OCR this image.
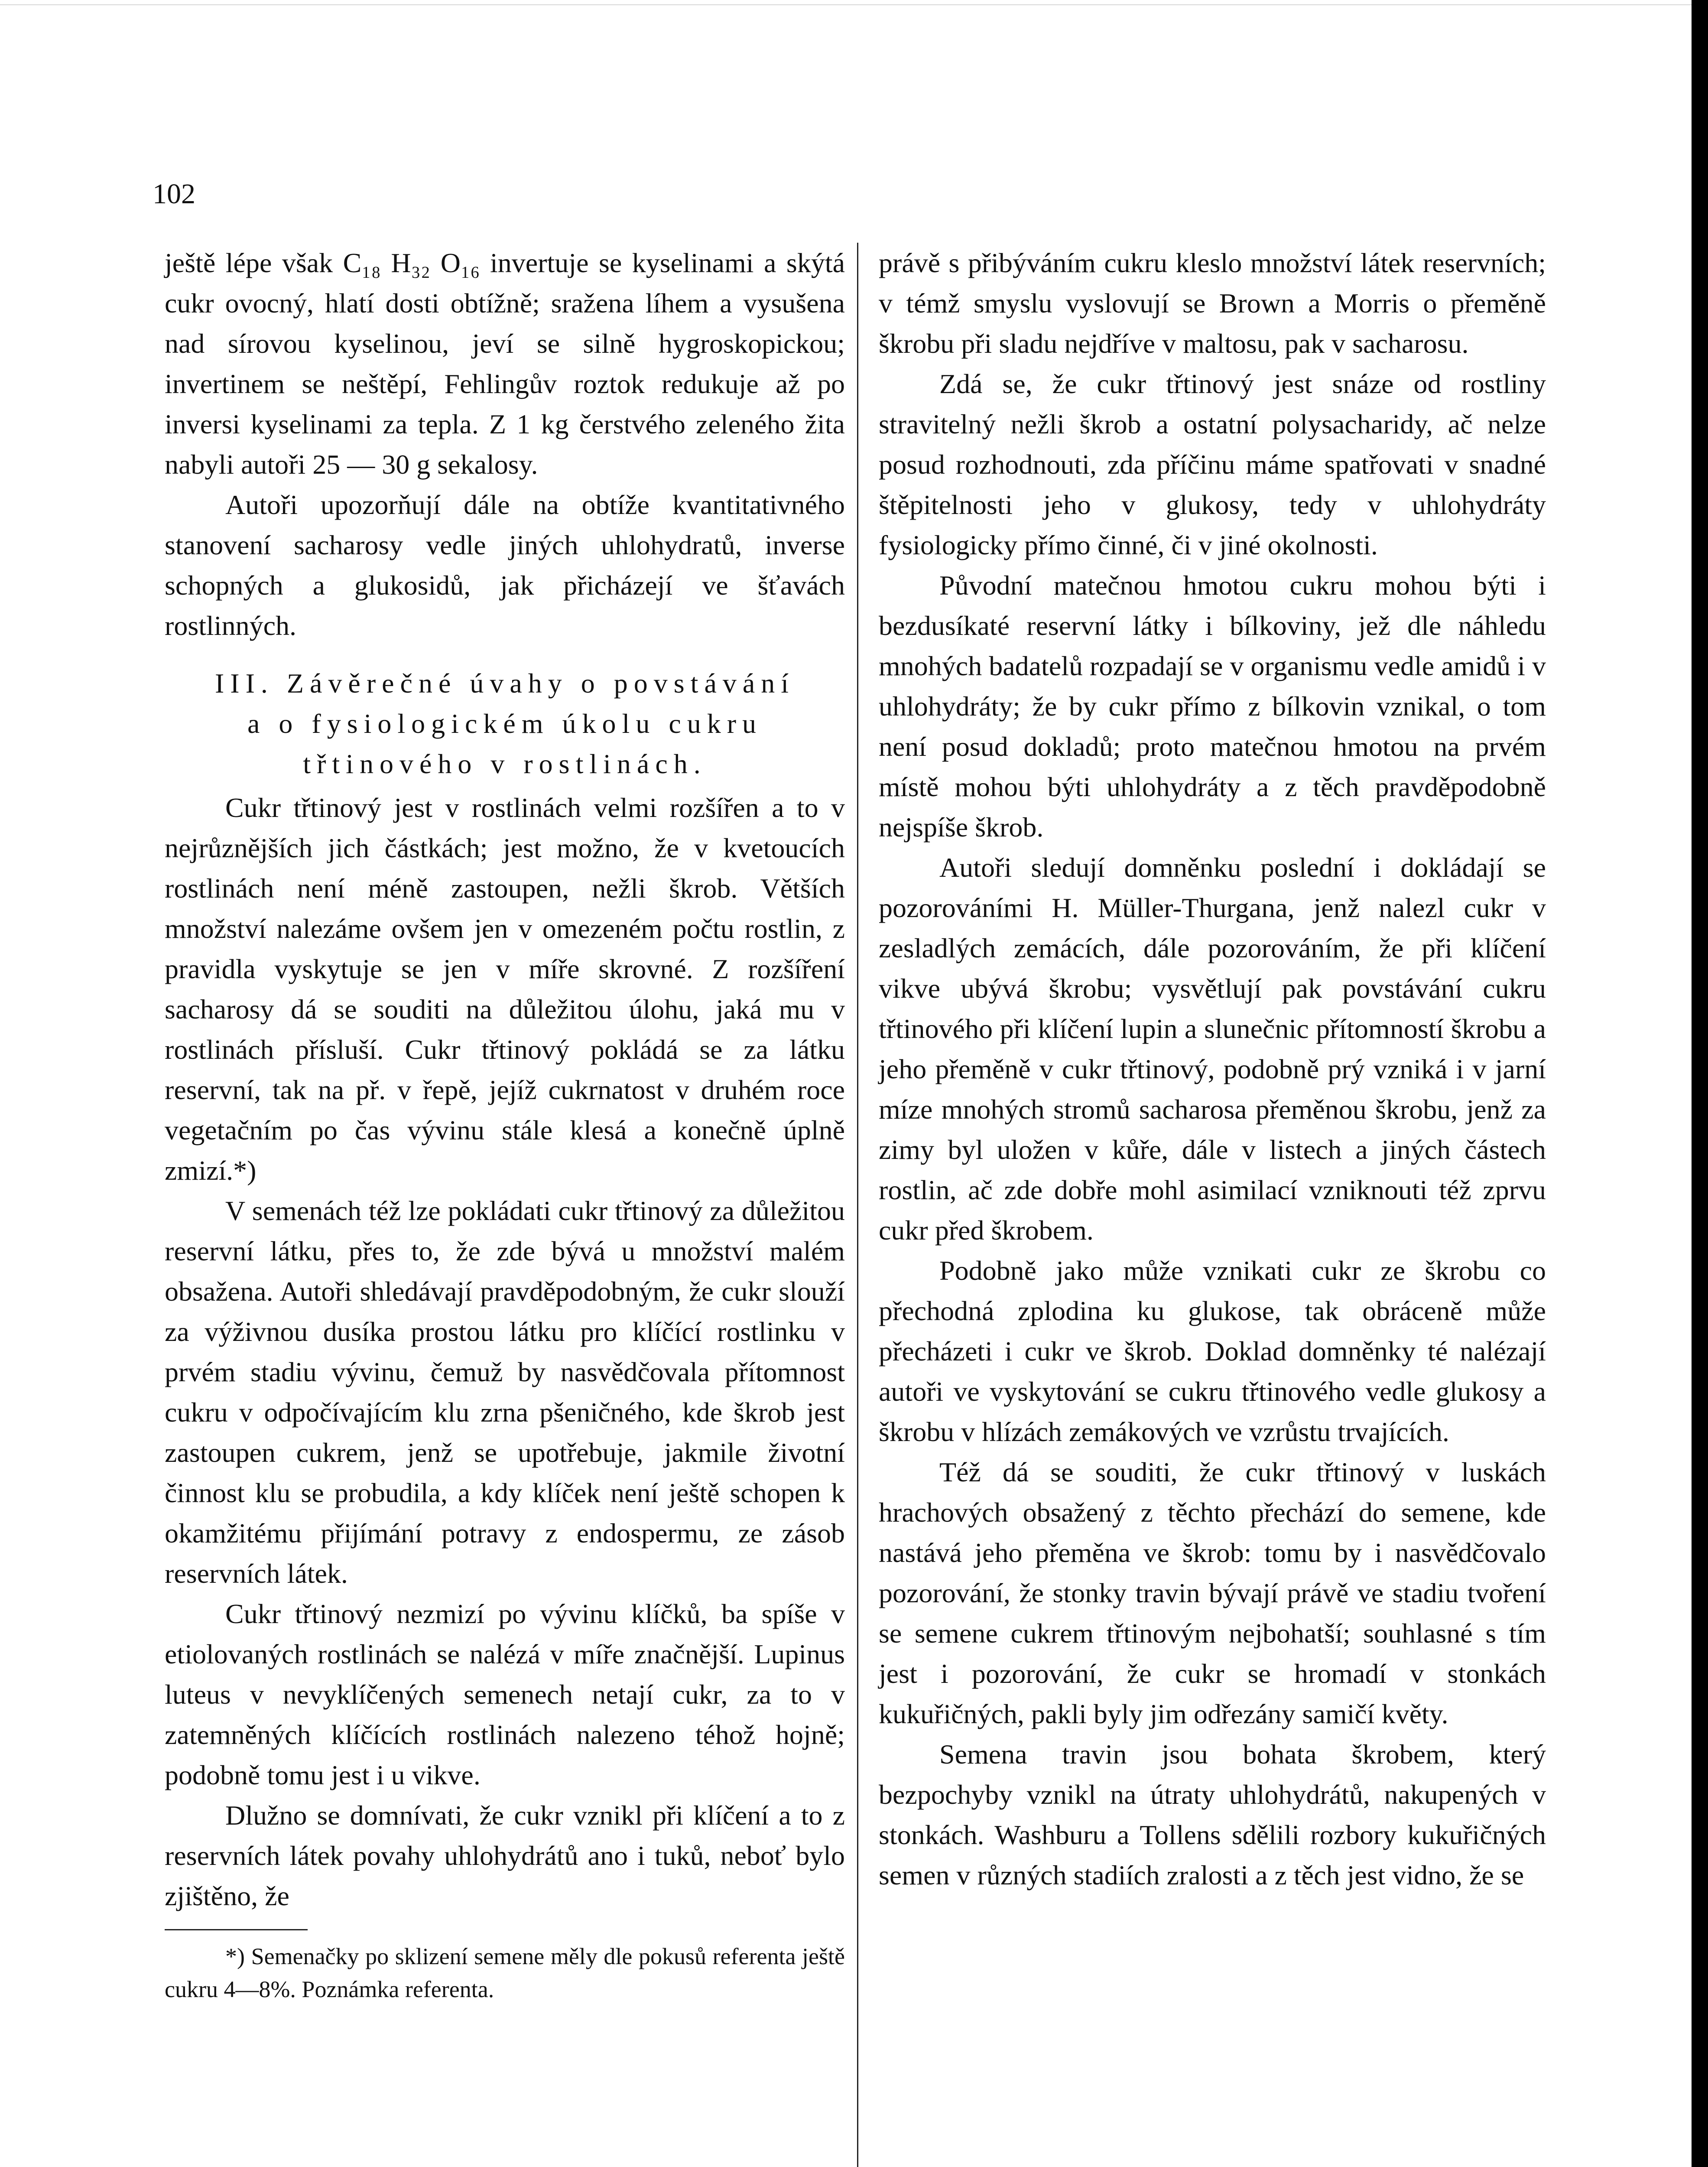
102

ještě lépe však C₁₈ H₃₂ O₁₆ invertuje se kyselinami a skýtá cukr ovocný, hlatí dosti obtížně; sražena líhem a vysušena nad sírovou kyselinou, jeví se silně hygroskopickou; invertinem se neštěpí, Fehlingův roztok redukuje až po inversi kyselinami za tepla. Z 1 kg čerstvého zeleného žita nabyli autoři 25 — 30 g sekalosy.

Autoři upozorňují dále na obtíže kvantitativného stanovení sacharosy vedle jiných uhlohydratů, inverse schopných a glukosidů, jak přicházejí ve šťavách rostlinných.

III. Závěrečné úvahy o povstávání
a o fysiologickém úkolu cukru
třtinového v rostlinách.

Cukr třtinový jest v rostlinách velmi rozšířen a to v nejrůznějších jich částkách; jest možno, že v kvetoucích rostlinách není méně zastoupen, nežli škrob. Větších množství nalezáme ovšem jen v omezeném počtu rostlin, z pravidla vyskytuje se jen v míře skrovné. Z rozšíření sacharosy dá se souditi na důležitou úlohu, jaká mu v rostlinách přísluší. Cukr třtinový pokládá se za látku reservní, tak na př. v řepě, jejíž cukrnatost v druhém roce vegetačním po čas vývinu stále klesá a konečně úplně zmizí.*)

V semenách též lze pokládati cukr třtinový za důležitou reservní látku, přes to, že zde bývá u množství malém obsažena. Autoři shledávají pravděpodobným, že cukr slouží za výživnou dusíka prostou látku pro klíčící rostlinku v prvém stadiu vývinu, čemuž by nasvědčovala přítomnost cukru v odpočívajícím klu zrna pšeničného, kde škrob jest zastoupen cukrem, jenž se upotřebuje, jakmile životní činnost klu se probudila, a kdy klíček není ještě schopen k okamžitému přijímání potravy z endospermu, ze zásob reservních látek.

Cukr třtinový nezmizí po vývinu klíčků, ba spíše v etiolovaných rostlinách se nalézá v míře značnější. Lupinus luteus v nevyklíčených semenech netají cukr, za to v zatemněných klíčících rostlinách nalezeno téhož hojně; podobně tomu jest i u vikve.

Dlužno se domnívati, že cukr vznikl při klíčení a to z reservních látek povahy uhlohydrátů ano i tuků, neboť bylo zjištěno, že

*) Semenačky po sklizení semene měly dle pokusů referenta ještě cukru 4—8%. Poznámka referenta.

právě s přibýváním cukru kleslo množství látek reservních; v témž smyslu vyslovují se Brown a Morris o přeměně škrobu při sladu nejdříve v maltosu, pak v sacharosu.

Zdá se, že cukr třtinový jest snáze od rostliny stravitelný nežli škrob a ostatní polysacharidy, ač nelze posud rozhodnouti, zda příčinu máme spatřovati v snadné štěpitelnosti jeho v glukosy, tedy v uhlohydráty fysiologicky přímo činné, či v jiné okolnosti.

Původní matečnou hmotou cukru mohou býti i bezdusíkaté reservní látky i bílkoviny, jež dle náhledu mnohých badatelů rozpadají se v organismu vedle amidů i v uhlohydráty; že by cukr přímo z bílkovin vznikal, o tom není posud dokladů; proto matečnou hmotou na prvém místě mohou býti uhlohydráty a z těch pravděpodobně nejspíše škrob.

Autoři sledují domněnku poslední i dokládají se pozorováními H. Müller-Thurgana, jenž nalezl cukr v zesladlých zemácích, dále pozorováním, že při klíčení vikve ubývá škrobu; vysvětlují pak povstávání cukru třtinového při klíčení lupin a slunečnic přítomností škrobu a jeho přeměně v cukr třtinový, podobně prý vzniká i v jarní míze mnohých stromů sacharosa přeměnou škrobu, jenž za zimy byl uložen v kůře, dále v listech a jiných částech rostlin, ač zde dobře mohl asimilací vzniknouti též zprvu cukr před škrobem.

Podobně jako může vznikati cukr ze škrobu co přechodná zplodina ku glukose, tak obráceně může přecházeti i cukr ve škrob. Doklad domněnky té nalézají autoři ve vyskytování se cukru třtinového vedle glukosy a škrobu v hlízách zemákových ve vzrůstu trvajících.

Též dá se souditi, že cukr třtinový v luskách hrachových obsažený z těchto přechází do semene, kde nastává jeho přeměna ve škrob: tomu by i nasvědčovalo pozorování, že stonky travin bývají právě ve stadiu tvoření se semene cukrem třtinovým nejbohatší; souhlasné s tím jest i pozorování, že cukr se hromadí v stonkách kukuřičných, pakli byly jim odřezány samičí květy.

Semena travin jsou bohata škrobem, který bezpochyby vznikl na útraty uhlohydrátů, nakupených v stonkách. Washburu a Tollens sdělili rozbory kukuřičných semen v různých stadiích zralosti a z těch jest vidno, že se
